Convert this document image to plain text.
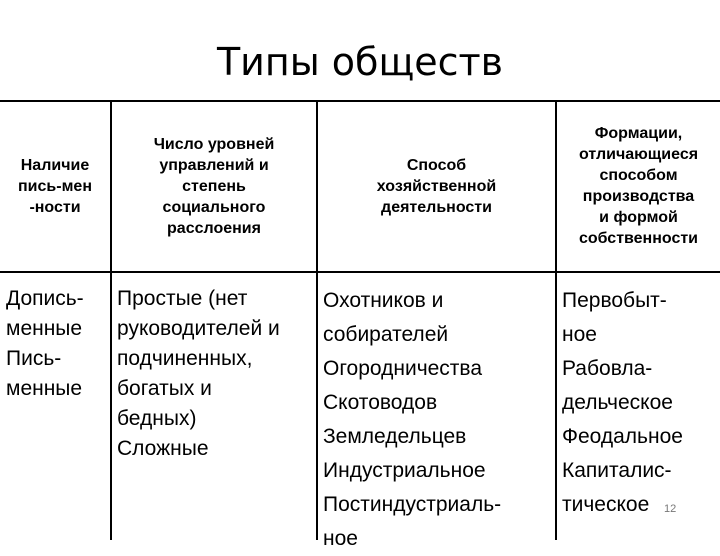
Типы обществ
Наличие
пись-мен
-ности
Число уровней
управлений и
степень
социального
расслоения
Способ
хозяйственной
деятельности
Формации,
отличающиеся
способом
производства
и формой
собственности
Допись-
менные
Пись-
менные
Простые (нет
руководителей и
подчиненных,
богатых и
бедных)
Сложные
Охотников и
собирателей
Огородничества
Скотоводов
Земледельцев
Индустриальное
Постиндустриаль-
ное
Первобыт-
ное
Рабовла-
дельческое
Феодальное
Капиталис-
тическое	12
